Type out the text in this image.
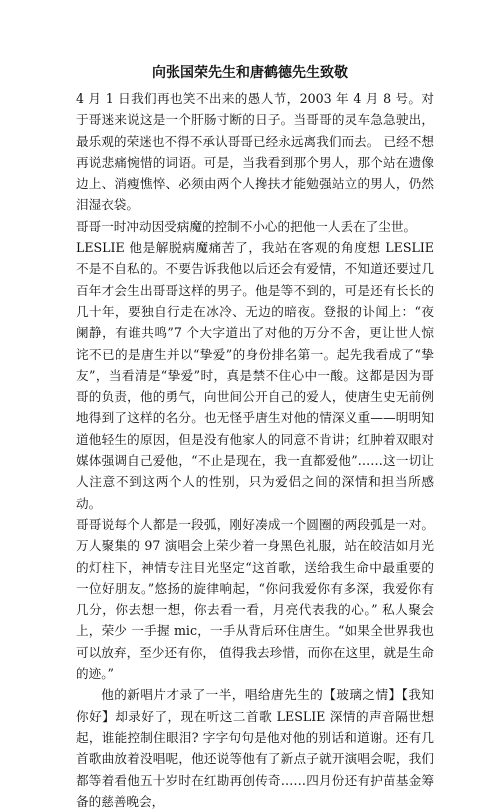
向张国荣先生和唐鹤德先生致敬

4 月 1 日我们再也笑不出来的愚人节，2003 年 4 月 8 号。对于哥迷来说这是一个肝肠寸断的日子。当哥哥的灵车急急驶出，最乐观的荣迷也不得不承认哥哥已经永远离我们而去。 已经不想再说悲痛惋惜的词语。可是，当我看到那个男人，那个站在遗像边上、消瘦憔悴、必须由两个人搀扶才能勉强站立的男人，仍然泪湿衣袋。

哥哥一时冲动因受病魔的控制不小心的把他一人丢在了尘世。

LESLIE 他是解脱病魔痛苦了，我站在客观的角度想 LESLIE 不是不自私的。不要告诉我他以后还会有爱情，不知道还要过几百年才会生出哥哥这样的男子。他是等不到的，可是还有长长的几十年，要独自行走在冰冷、无边的暗夜。登报的讣闻上：“夜阑静，有谁共鸣”7 个大字道出了对他的万分不舍，更让世人惊诧不已的是唐生并以“挚爱”的身份排名第一。起先我看成了“挚友”，当看清是“挚爱”时，真是禁不住心中一酸。这都是因为哥哥的负责，他的勇气，向世间公开自己的爱人，使唐生史无前例地得到了这样的名分。也无怪乎唐生对他的情深义重——明明知道他轻生的原因，但是没有他家人的同意不肯讲；红肿着双眼对媒体强调自己爱他，“不止是现在，我一直都爱他”……这一切让人注意不到这两个人的性别，只为爱侣之间的深情和担当所感动。

哥哥说每个人都是一段弧，刚好凑成一个圆圈的两段弧是一对。 万人聚集的 97 演唱会上荣少着一身黑色礼服，站在皎洁如月光的灯柱下，神情专注目光坚定“这首歌，送给我生命中最重要的一位好朋友。”悠扬的旋律响起，“你问我爱你有多深，我爱你有几分，你去想一想，你去看一看，月亮代表我的心。” 私人聚会上，荣少 一手握 mic，一手从背后环住唐生。“如果全世界我也可以放弃，至少还有你， 值得我去珍惜，而你在这里，就是生命的迹。”

他的新唱片才录了一半，唱给唐先生的【玻璃之情】【我知你好】却录好了，现在听这二首歌 LESLIE 深情的声音隔世想起，谁能控制住眼泪? 字字句句是他对他的别话和道谢。还有几首歌曲放着没唱呢，他还说等他有了新点子就开演唱会呢，我们都等着看他五十岁时在红勘再创传奇……四月份还有护苗基金筹备的慈善晚会，
